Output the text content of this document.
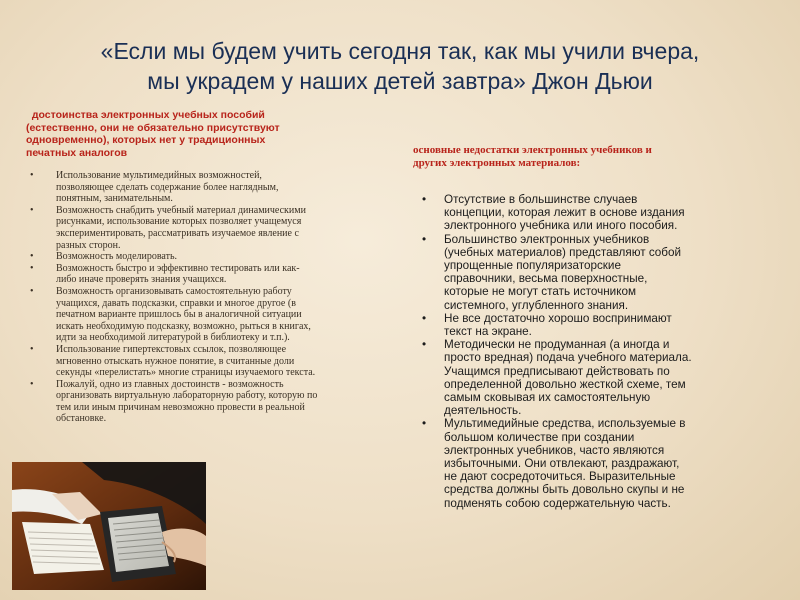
«Если мы будем учить сегодня так, как мы учили вчера,
мы украдем у наших детей завтра» Джон Дьюи
достоинства электронных учебных пособий
(естественно, они не обязательно присутствуют
одновременно), которых нет у традиционных
печатных аналогов
• Использование мультимедийных возможностей,
позволяющее сделать содержание более наглядным,
понятным, занимательным.
• Возможность снабдить учебный материал динамическими
рисунками, использование которых позволяет учащемуся
экспериментировать, рассматривать изучаемое явление с
разных сторон.
• Возможность моделировать.
• Возможность быстро и эффективно тестировать или как-
либо иначе проверять знания учащихся.
• Возможность организовывать самостоятельную работу
учащихся, давать подсказки, справки и многое другое (в
печатном варианте пришлось бы в аналогичной ситуации
искать необходимую подсказку, возможно, рыться в книгах,
идти за необходимой литературой в библиотеку и т.п.).
• Использование гипертекстовых ссылок, позволяющее
мгновенно отыскать нужное понятие, в считанные доли
секунды «перелистать» многие страницы изучаемого текста.
• Пожалуй, одно из главных достоинств - возможность
организовать виртуальную лабораторную работу, которую по
тем или иным причинам невозможно провести в реальной
обстановке.
основные недостатки электронных учебников и
других электронных материалов:
• Отсутствие в большинстве случаев
концепции, которая лежит в основе издания
электронного учебника или иного пособия.
• Большинство электронных учебников
(учебных материалов) представляют собой
упрощенные популяризаторские
справочники, весьма поверхностные,
которые не могут стать источником
системного, углубленного знания.
• Не все достаточно хорошо воспринимают
текст на экране.
• Методически не продуманная (а иногда и
просто вредная) подача учебного материала.
Учащимся предписывают действовать по
определенной довольно жесткой схеме, тем
самым сковывая их самостоятельную
деятельность.
• Мультимедийные средства, используемые в
большом количестве при создании
электронных учебников, часто являются
избыточными. Они отвлекают, раздражают,
не дают сосредоточиться. Выразительные
средства должны быть довольно скупы и не
подменять собою содержательную часть.
